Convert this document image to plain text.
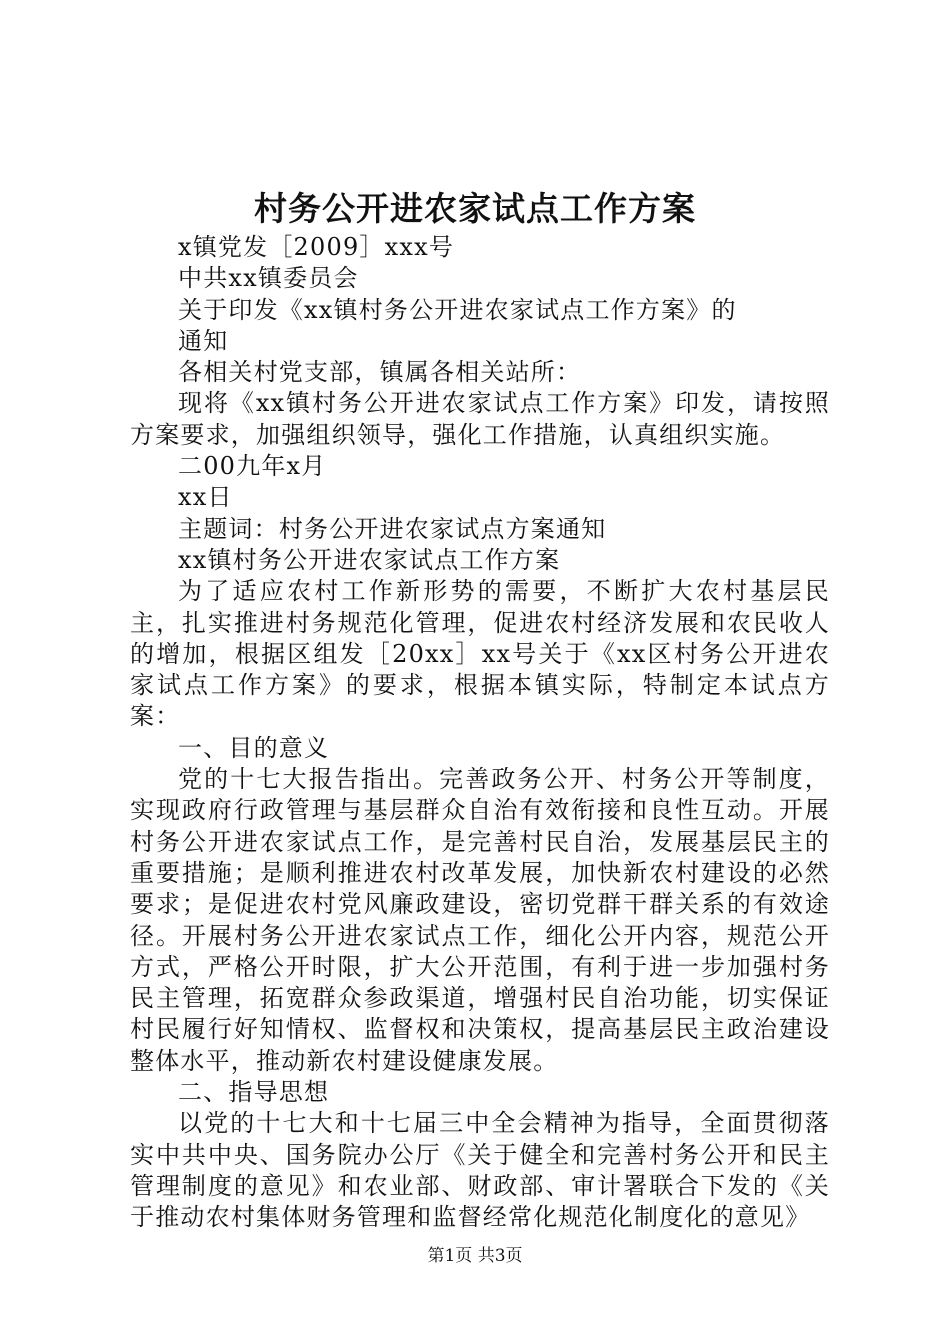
村务公开进农家试点工作方案

x镇党发［2009］xxx号

中共xx镇委员会

关于印发《xx镇村务公开进农家试点工作方案》的

通知

各相关村党支部，镇属各相关站所：

现将《xx镇村务公开进农家试点工作方案》印发，请按照方案要求，加强组织领导，强化工作措施，认真组织实施。

二00九年x月

xx日

主题词：村务公开进农家试点方案通知

xx镇村务公开进农家试点工作方案

为了适应农村工作新形势的需要，不断扩大农村基层民主，扎实推进村务规范化管理，促进农村经济发展和农民收人的增加，根据区组发［20xx］xx号关于《xx区村务公开进农家试点工作方案》的要求，根据本镇实际，特制定本试点方案：

一、目的意义

党的十七大报告指出。完善政务公开、村务公开等制度，实现政府行政管理与基层群众自治有效衔接和良性互动。开展村务公开进农家试点工作，是完善村民自治，发展基层民主的重要措施；是顺利推进农村改革发展，加快新农村建设的必然要求；是促进农村党风廉政建设，密切党群干群关系的有效途径。开展村务公开进农家试点工作，细化公开内容，规范公开方式，严格公开时限，扩大公开范围，有利于进一步加强村务民主管理，拓宽群众参政渠道，增强村民自治功能，切实保证村民履行好知情权、监督权和决策权，提高基层民主政治建设整体水平，推动新农村建设健康发展。

二、指导思想

以党的十七大和十七届三中全会精神为指导，全面贯彻落实中共中央、国务院办公厅《关于健全和完善村务公开和民主管理制度的意见》和农业部、财政部、审计署联合下发的《关于推动农村集体财务管理和监督经常化规范化制度化的意见》

第1页 共3页
